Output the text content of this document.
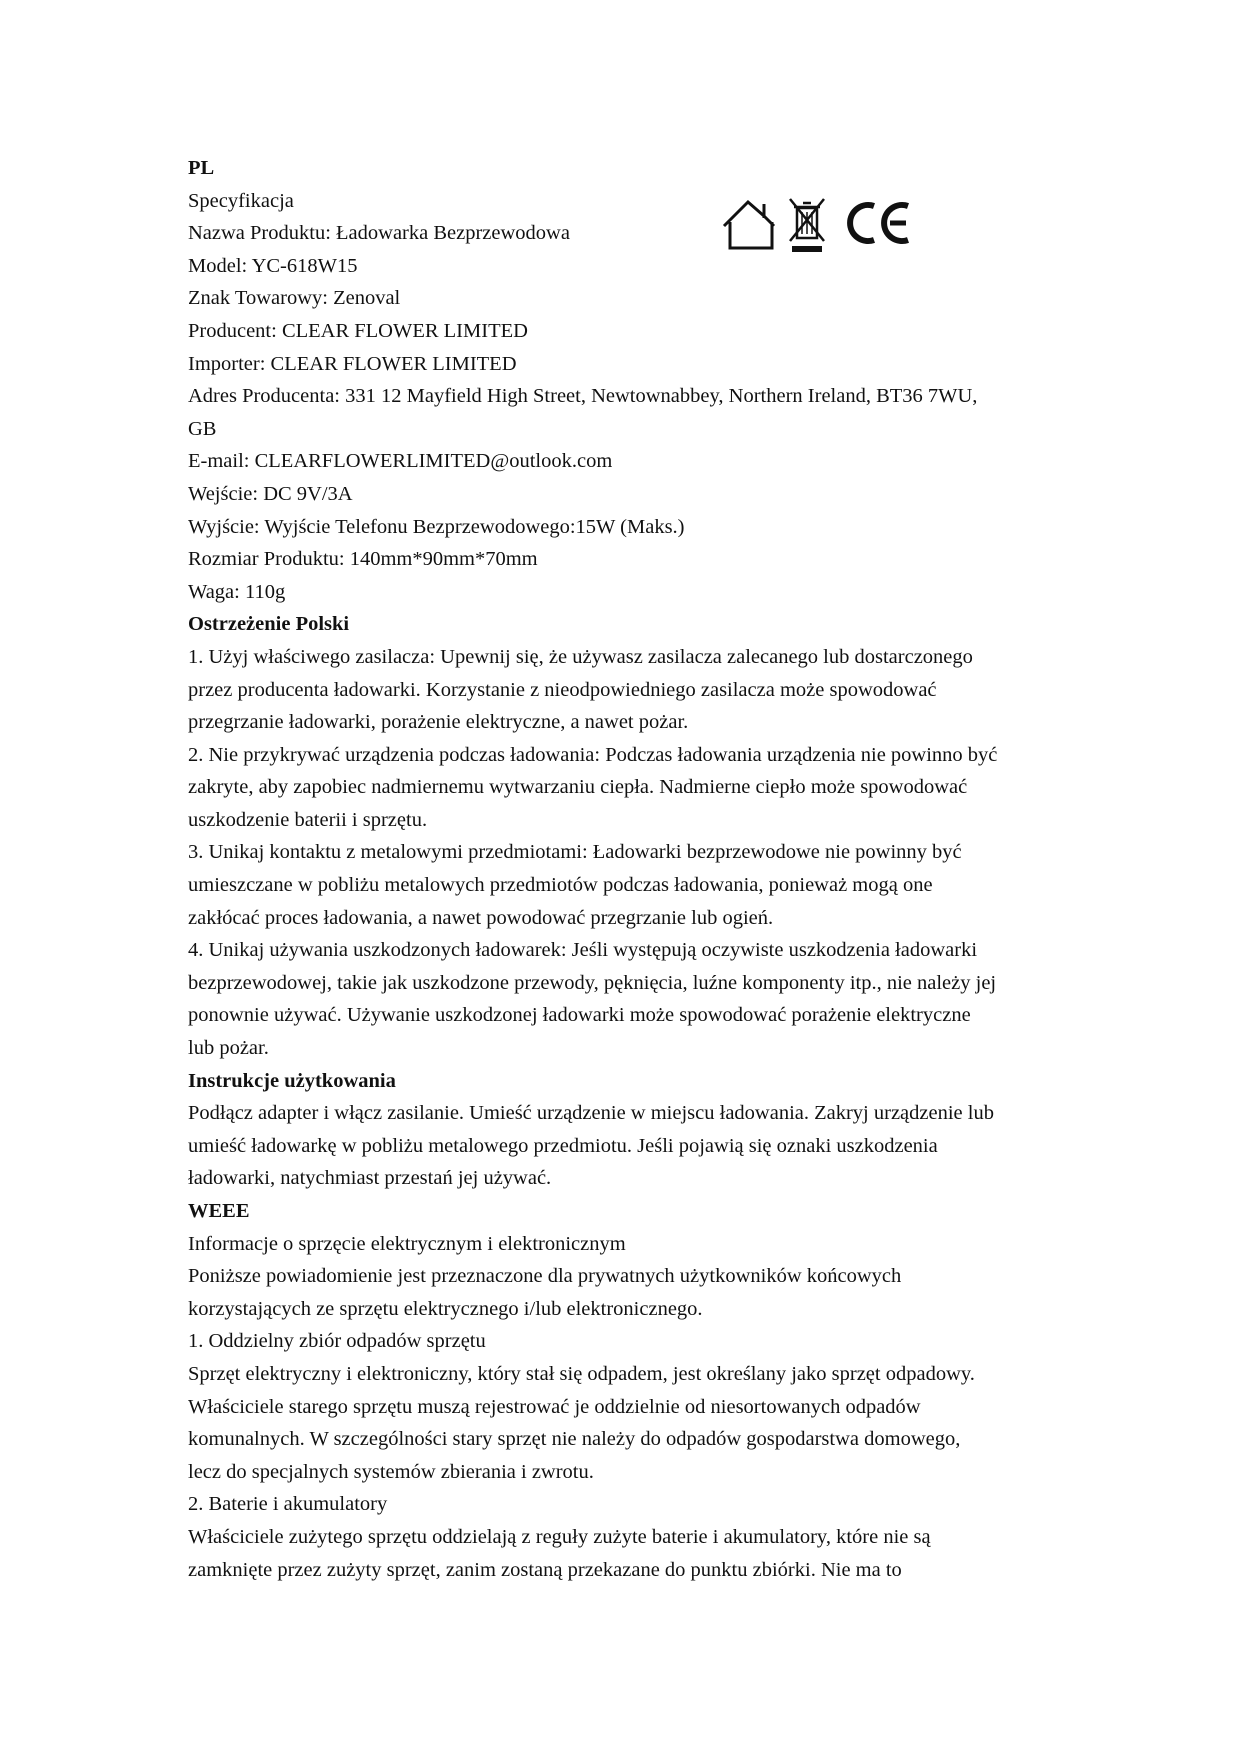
PL
Specyfikacja
Nazwa Produktu: Ładowarka Bezprzewodowa
Model: YC-618W15
Znak Towarowy: Zenoval
Producent: CLEAR FLOWER LIMITED
Importer: CLEAR FLOWER LIMITED
Adres Producenta: 331 12 Mayfield High Street, Newtownabbey, Northern Ireland, BT36 7WU,
GB
E-mail: CLEARFLOWERLIMITED@outlook.com
Wejście: DC 9V/3A
Wyjście: Wyjście Telefonu Bezprzewodowego:15W (Maks.)
Rozmiar Produktu: 140mm*90mm*70mm
Waga: 110g
Ostrzeżenie Polski
1. Użyj właściwego zasilacza: Upewnij się, że używasz zasilacza zalecanego lub dostarczonego
przez producenta ładowarki. Korzystanie z nieodpowiedniego zasilacza może spowodować
przegrzanie ładowarki, porażenie elektryczne, a nawet pożar.
2. Nie przykrywać urządzenia podczas ładowania: Podczas ładowania urządzenia nie powinno być
zakryte, aby zapobiec nadmiernemu wytwarzaniu ciepła. Nadmierne ciepło może spowodować
uszkodzenie baterii i sprzętu.
3. Unikaj kontaktu z metalowymi przedmiotami: Ładowarki bezprzewodowe nie powinny być
umieszczane w pobliżu metalowych przedmiotów podczas ładowania, ponieważ mogą one
zakłócać proces ładowania, a nawet powodować przegrzanie lub ogień.
4. Unikaj używania uszkodzonych ładowarek: Jeśli występują oczywiste uszkodzenia ładowarki
bezprzewodowej, takie jak uszkodzone przewody, pęknięcia, luźne komponenty itp., nie należy jej
ponownie używać. Używanie uszkodzonej ładowarki może spowodować porażenie elektryczne
lub pożar.
Instrukcje użytkowania
Podłącz adapter i włącz zasilanie. Umieść urządzenie w miejscu ładowania. Zakryj urządzenie lub
umieść ładowarkę w pobliżu metalowego przedmiotu. Jeśli pojawią się oznaki uszkodzenia
ładowarki, natychmiast przestań jej używać.
WEEE
Informacje o sprzęcie elektrycznym i elektronicznym
Poniższe powiadomienie jest przeznaczone dla prywatnych użytkowników końcowych
korzystających ze sprzętu elektrycznego i/lub elektronicznego.
1. Oddzielny zbiór odpadów sprzętu
Sprzęt elektryczny i elektroniczny, który stał się odpadem, jest określany jako sprzęt odpadowy.
Właściciele starego sprzętu muszą rejestrować je oddzielnie od niesortowanych odpadów
komunalnych. W szczególności stary sprzęt nie należy do odpadów gospodarstwa domowego,
lecz do specjalnych systemów zbierania i zwrotu.
2. Baterie i akumulatory
Właściciele zużytego sprzętu oddzielają z reguły zużyte baterie i akumulatory, które nie są
zamknięte przez zużyty sprzęt, zanim zostaną przekazane do punktu zbiórki. Nie ma to
